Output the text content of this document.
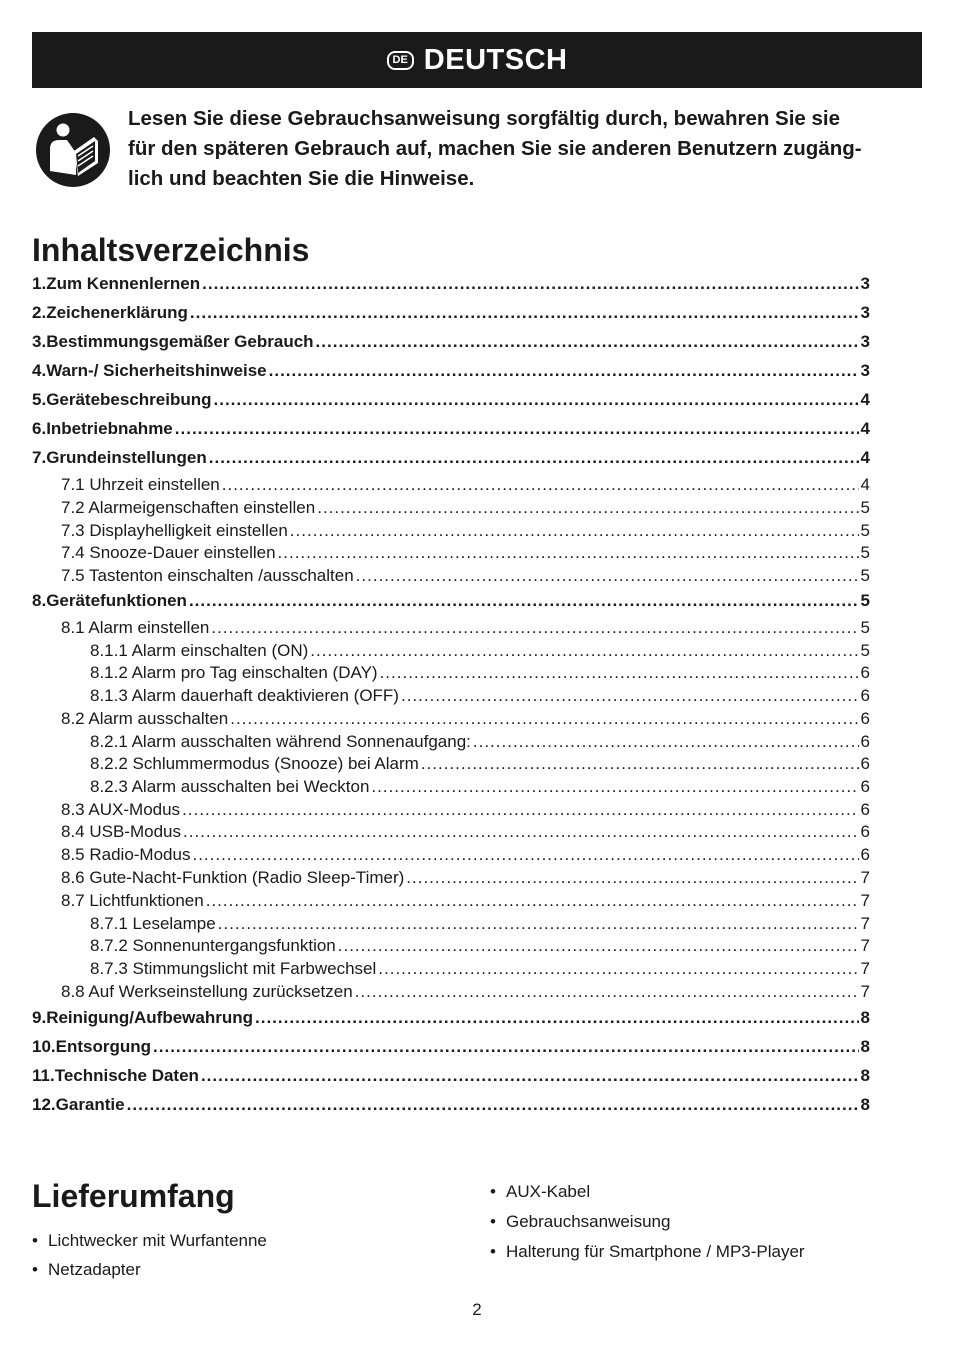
DE DEUTSCH
Lesen Sie diese Gebrauchsanweisung sorgfältig durch, bewahren Sie sie
für den späteren Gebrauch auf, machen Sie sie anderen Benutzern zugäng-
lich und beachten Sie die Hinweise.
Inhaltsverzeichnis
1. Zum Kennenlernen .....	3
2. Zeichenerklärung .....	3
3. Bestimmungsgemäßer Gebrauch .....	3
4. Warn-/ Sicherheitshinweise .....	3
5. Gerätebeschreibung .....	4
6. Inbetriebnahme .....	4
7. Grundeinstellungen .....	4
7.1 Uhrzeit einstellen .....	4
7.2 Alarmeigenschaften einstellen .....	5
7.3 Displayhelligkeit einstellen .....	5
7.4 Snooze-Dauer einstellen .....	5
7.5 Tastenton einschalten /ausschalten .....	5
8. Gerätefunktionen .....	5
8.1 Alarm einstellen .....	5
8.1.1 Alarm einschalten (ON) .....	5
8.1.2 Alarm pro Tag einschalten (DAY) .....	6
8.1.3 Alarm dauerhaft deaktivieren (OFF) .....	6
8.2 Alarm ausschalten .....	6
8.2.1 Alarm ausschalten während Sonnenaufgang: .....	6
8.2.2 Schlummermodus (Snooze) bei Alarm .....	6
8.2.3 Alarm ausschalten bei Weckton .....	6
8.3 AUX-Modus .....	6
8.4 USB-Modus .....	6
8.5 Radio-Modus .....	6
8.6 Gute-Nacht-Funktion (Radio Sleep-Timer) .....	7
8.7 Lichtfunktionen .....	7
8.7.1 Leselampe .....	7
8.7.2 Sonnenuntergangsfunktion .....	7
8.7.3 Stimmungslicht mit Farbwechsel .....	7
8.8 Auf Werkseinstellung zurücksetzen .....	7
9. Reinigung/Aufbewahrung .....	8
10. Entsorgung .....	8
11. Technische Daten .....	8
12. Garantie .....	8
Lieferumfang
• Lichtwecker mit Wurfantenne
• Netzadapter
• AUX-Kabel
• Gebrauchsanweisung
• Halterung für Smartphone / MP3-Player
2
